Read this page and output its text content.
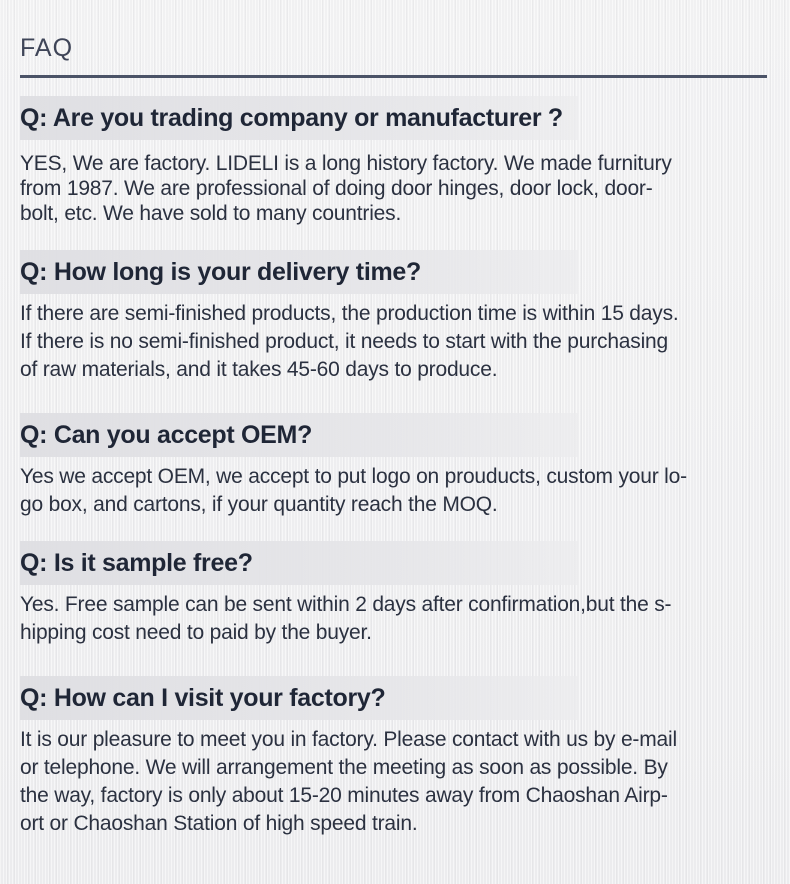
FAQ
Q: Are you trading company or manufacturer ?
YES, We are factory. LIDELI is a long history factory. We made furnitury
from 1987. We are professional of doing door hinges, door lock, door-
bolt, etc. We have sold to many countries.
Q: How long is your delivery time?
If there are semi-finished products, the production time is within 15 days.
If there is no semi-finished product, it needs to start with the purchasing
of raw materials, and it takes 45-60 days to produce.
Q: Can you accept OEM?
Yes we accept OEM, we accept to put logo on prouducts, custom your lo-
go box, and cartons, if your quantity reach the MOQ.
Q: Is it sample free?
Yes. Free sample can be sent within 2 days after confirmation,but the s-
hipping cost need to paid by the buyer.
Q: How can I visit your factory?
It is our pleasure to meet you in factory. Please contact with us by e-mail
or telephone. We will arrangement the meeting as soon as possible. By
the way, factory is only about 15-20 minutes away from Chaoshan Airp-
ort or Chaoshan Station of high speed train.
